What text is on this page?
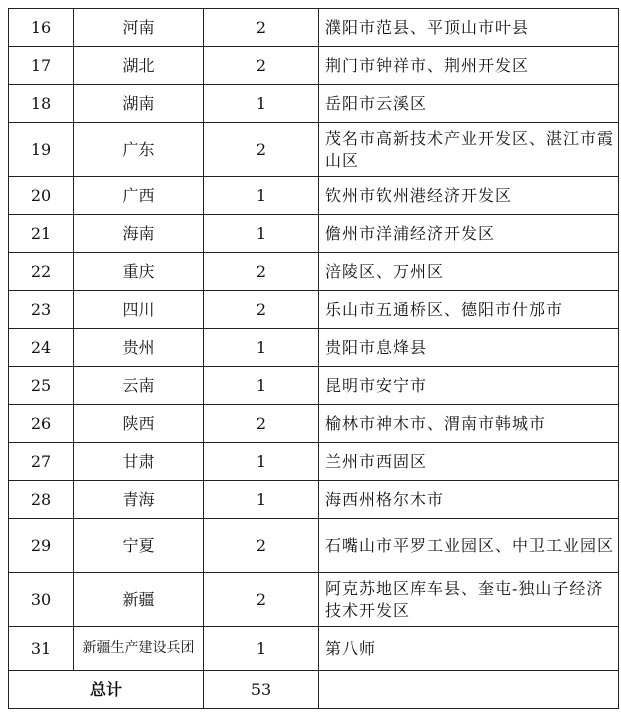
16	河南	2	濮阳市范县、平顶山市叶县
17	湖北	2	荆门市钟祥市、荆州开发区
18	湖南	1	岳阳市云溪区
19	广东	2	茂名市高新技术产业开发区、湛江市霞山区
20	广西	1	钦州市钦州港经济开发区
21	海南	1	儋州市洋浦经济开发区
22	重庆	2	涪陵区、万州区
23	四川	2	乐山市五通桥区、德阳市什邡市
24	贵州	1	贵阳市息烽县
25	云南	1	昆明市安宁市
26	陕西	2	榆林市神木市、渭南市韩城市
27	甘肃	1	兰州市西固区
28	青海	1	海西州格尔木市
29	宁夏	2	石嘴山市平罗工业园区、中卫工业园区
30	新疆	2	阿克苏地区库车县、奎屯-独山子经济技术开发区
31	新疆生产建设兵团	1	第八师
总计		53	
